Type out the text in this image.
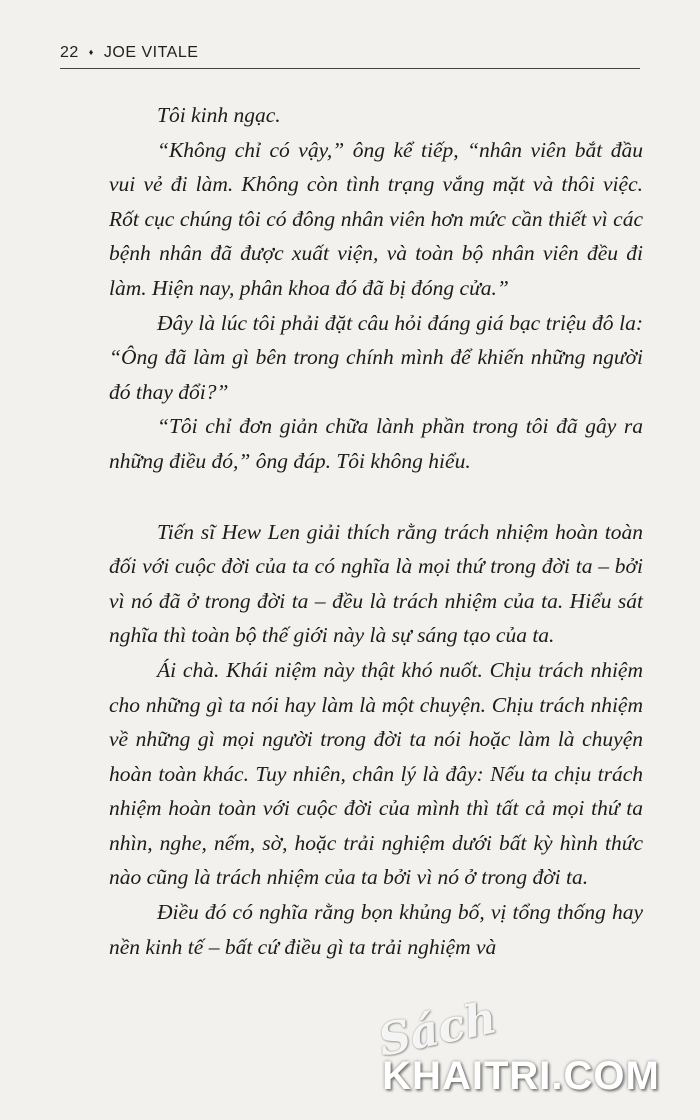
22 ♦ JOE VITALE

Tôi kinh ngạc.

“Không chỉ có vậy,” ông kể tiếp, “nhân viên bắt đầu vui vẻ đi làm. Không còn tình trạng vắng mặt và thôi việc. Rốt cục chúng tôi có đông nhân viên hơn mức cần thiết vì các bệnh nhân đã được xuất viện, và toàn bộ nhân viên đều đi làm. Hiện nay, phân khoa đó đã bị đóng cửa.”

Đây là lúc tôi phải đặt câu hỏi đáng giá bạc triệu đô la: “Ông đã làm gì bên trong chính mình để khiến những người đó thay đổi?”

“Tôi chỉ đơn giản chữa lành phần trong tôi đã gây ra những điều đó,” ông đáp. Tôi không hiểu.

Tiến sĩ Hew Len giải thích rằng trách nhiệm hoàn toàn đối với cuộc đời của ta có nghĩa là mọi thứ trong đời ta – bởi vì nó đã ở trong đời ta – đều là trách nhiệm của ta. Hiểu sát nghĩa thì toàn bộ thế giới này là sự sáng tạo của ta.

Ái chà. Khái niệm này thật khó nuốt. Chịu trách nhiệm cho những gì ta nói hay làm là một chuyện. Chịu trách nhiệm về những gì mọi người trong đời ta nói hoặc làm là chuyện hoàn toàn khác. Tuy nhiên, chân lý là đây: Nếu ta chịu trách nhiệm hoàn toàn với cuộc đời của mình thì tất cả mọi thứ ta nhìn, nghe, nếm, sờ, hoặc trải nghiệm dưới bất kỳ hình thức nào cũng là trách nhiệm của ta bởi vì nó ở trong đời ta.

Điều đó có nghĩa rằng bọn khủng bố, vị tổng thống hay nền kinh tế – bất cứ điều gì ta trải nghiệm và

Sách
KHAITRI.COM
